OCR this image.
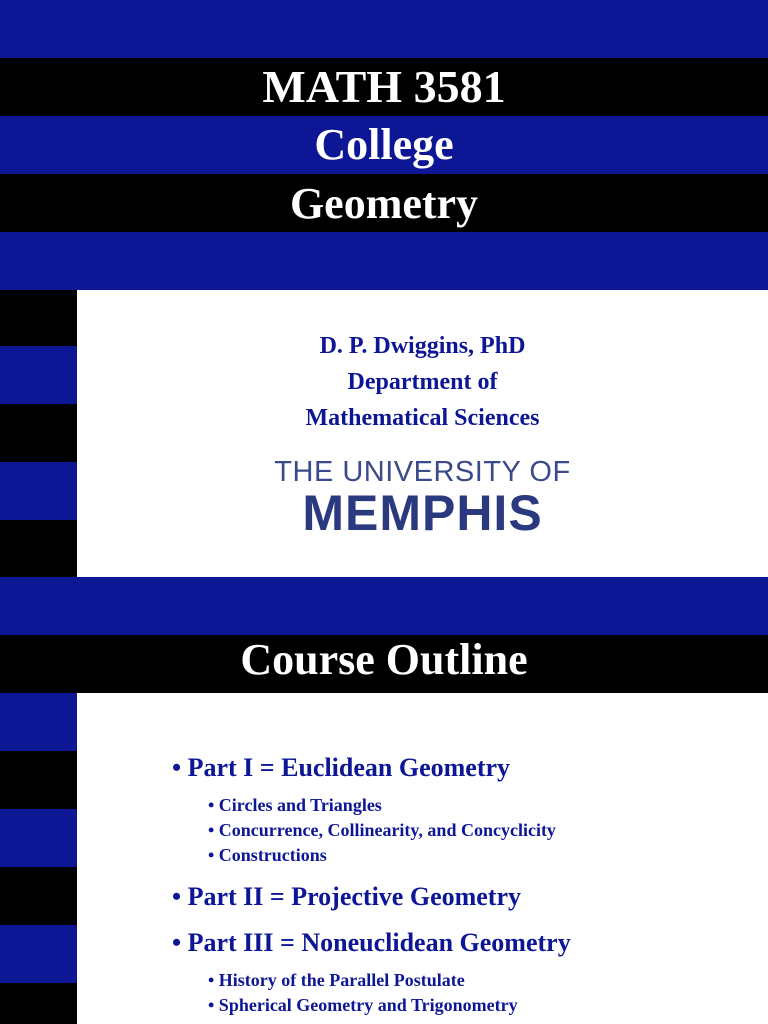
MATH 3581
College
Geometry
D. P. Dwiggins, PhD
Department of
Mathematical Sciences
THE UNIVERSITY OF
MEMPHIS
Course Outline
• Part I = Euclidean Geometry
• Circles and Triangles
• Concurrence, Collinearity, and Concyclicity
• Constructions
• Part II = Projective Geometry
• Part III = Noneuclidean Geometry
• History of the Parallel Postulate
• Spherical Geometry and Trigonometry
